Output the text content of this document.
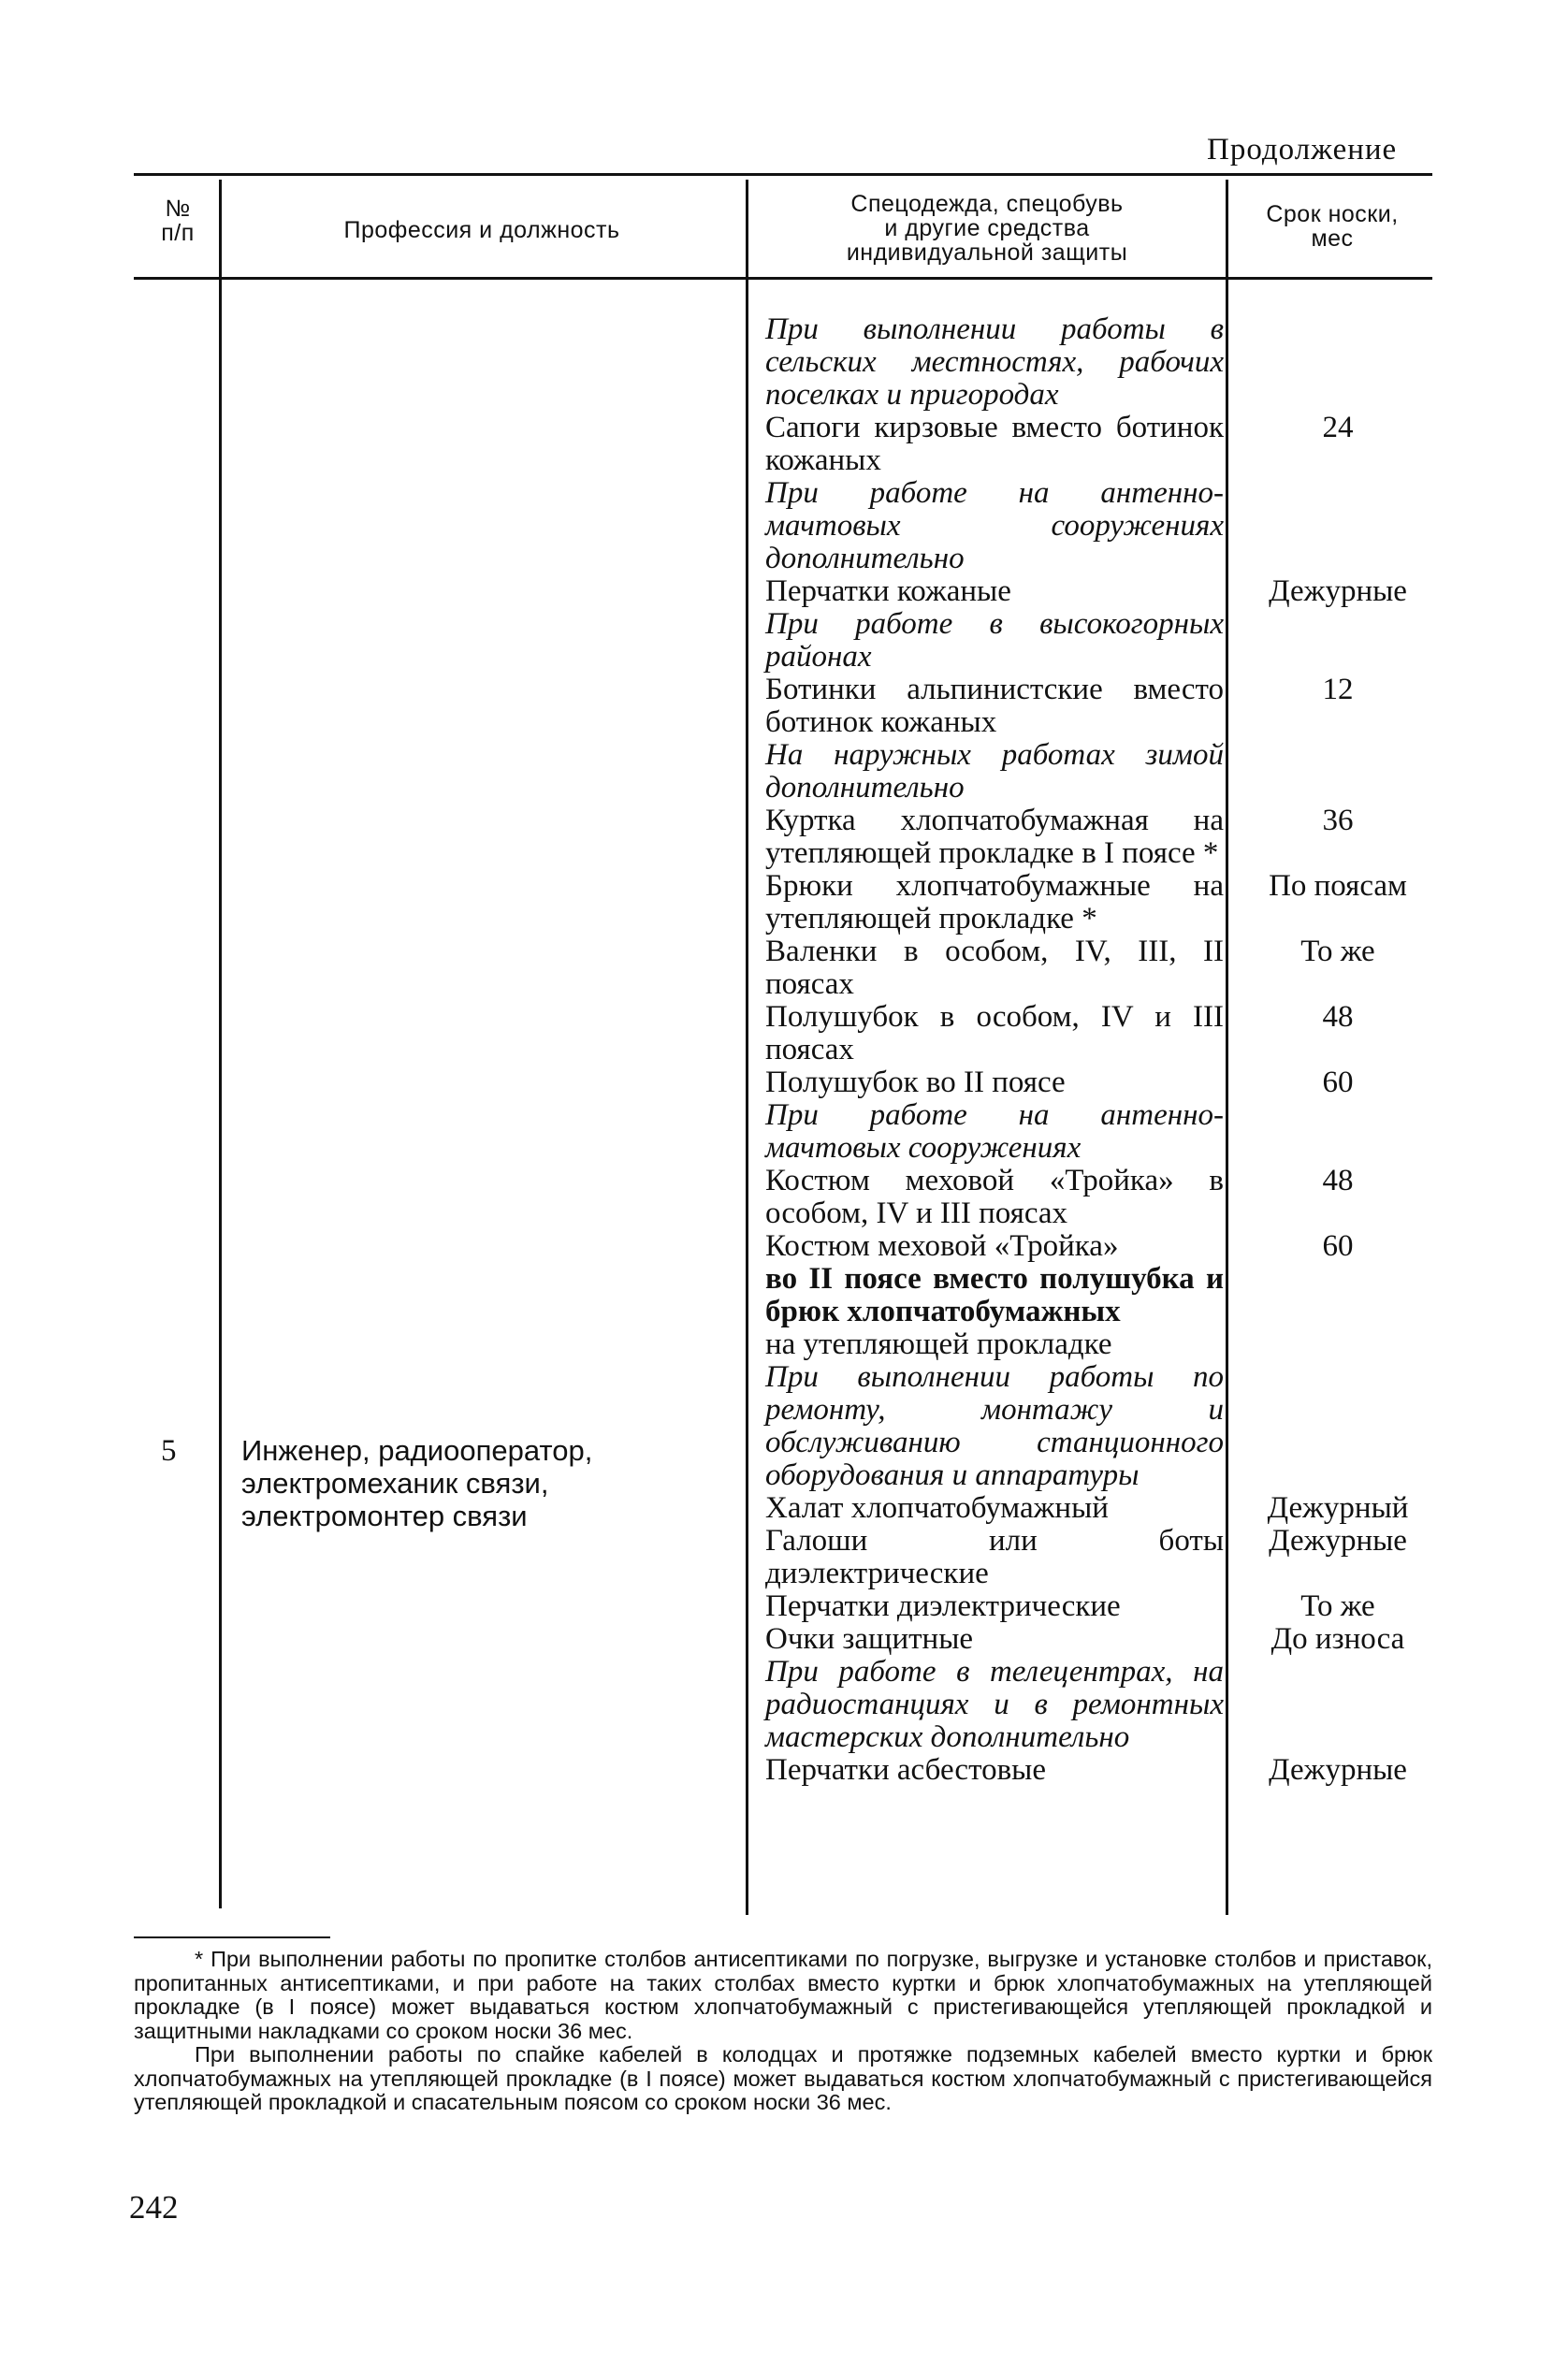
Продолжение
№
п/п	Профессия и должность
Спецодежда, спецобувь
и другие средства
индивидуальной защиты
Срок носки,
мес
5 Инженер, радиооператор, электромеханик связи, электромонтер связи
При выполнении работы в сельских местностях, рабочих поселках и пригородах
Сапоги кирзовые вместо ботинок кожаных
При работе на антенно-мачтовых сооружениях дополнительно
Перчатки кожаные
При работе в высокогорных районах
Ботинки альпинистские вместо ботинок кожаных
На наружных работах зимой дополнительно
Куртка хлопчатобумажная на утепляющей прокладке в I поясе *
Брюки хлопчатобумажные на утепляющей прокладке *
Валенки в особом, IV, III, II поясах
Полушубок в особом, IV и III поясах
Полушубок во II поясе
При работе на антенно-мачтовых сооружениях
Костюм меховой «Тройка» в особом, IV и III поясах
Костюм меховой «Тройка»
во II поясе вместо полушубка и брюк хлопчатобумажных
на утепляющей прокладке
При выполнении работы по ремонту, монтажу и обслуживанию станционного оборудования и аппаратуры
Халат хлопчатобумажный
Галоши или боты диэлектрические
Перчатки диэлектрические
Очки защитные
При работе в телецентрах, на радиостанциях и в ремонтных мастерских дополнительно
Перчатки асбестовые
24
Дежурные
12
36
По поясам
То же
48
60
48
60
Дежурный
Дежурные
То же
До износа
Дежурные

* При выполнении работы по пропитке столбов антисептиками по погрузке, выгрузке и установке столбов и приставок, пропитанных антисептиками, и при работе на таких столбах вместо куртки и брюк хлопчатобумажных на утепляющей прокладке (в I поясе) может выдаваться костюм хлопчатобумажный с пристегивающейся утепляющей прокладкой и защитными накладками со сроком носки 36 мес.

При выполнении работы по спайке кабелей в колодцах и протяжке подземных кабелей вместо куртки и брюк хлопчатобумажных на утепляющей прокладке (в I поясе) может выдаваться костюм хлопчатобумажный с пристегивающейся утепляющей прокладкой и спасательным поясом со сроком носки 36 мес.

242
